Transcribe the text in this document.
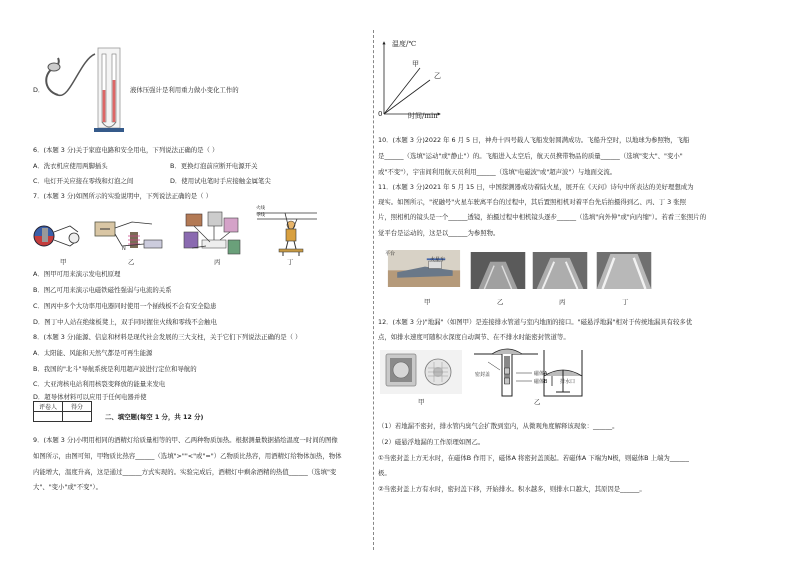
D．	液体压强计是利用重力做小变化工作的
6．(本题 3 分)关于家庭电路和安全用电，下列说法正确的是（ ）
A．洗衣机应使用两脚插头	B．更换灯泡前应断开电源开关
C．电灯开关应接在零线和灯泡之间	D．使用试电笔时手应接触金属笔尖
7．(本题 3 分)如图所示的实验说明中，下列说法正确的是（ ）
N
火线
零线
甲	乙	丙	丁
A．图甲可用来演示发电机原理
B．图乙可用来演示电磁铁磁性强弱与电流的关系
C．图丙中多个大功率用电器同时使用一个插线板不会有安全隐患
D．图丁中人站在绝缘板凳上，双手同时握住火线和零线不会触电
8．(本题 3 分)能源、信息和材料是现代社会发展的三大支柱，关于它们下列说法正确的是（ ）
A．太阳能、风能和天然气都是可再生能源
B．我国的"北斗"导航系统是利用超声波进行定位和导航的
C．大亚湾核电站利用核裂变释放的能量来发电
D．超导体材料可以应用于任何电器并使
评卷人	得分

二、填空题(每空 1 分，共 12 分)
9．(本题 3 分)小明用相同的酒精灯给质量相等的甲、乙两种物质加热。根据测量数据描绘温度一时间的图像
如图所示，由图可知，甲物质比热容______（选填">""<"或"="）乙物质比热容，用酒精灯给物体加热，物体
内能增大，温度升高，这是通过______方式实现的。实验完成后，酒精灯中剩余酒精的热值______（选填"变
大"、"变小"或"不变"）。
温度/℃
时间/min
0
甲
乙
10．(本题 3 分)2022 年 6 月 5 日，神舟十四号载人飞船发射圆满成功。飞船升空时，以地球为参照物，飞船
是______（选填"运动"或"静止"）的。飞船进入太空后，航天员携带物品的质量______（选填"变大"、"变小"
或"不变"），宇宙间利用航天员利用______（选填"电磁波"或"超声波"）与地面交流。
11．(本题 3 分)2021 年 5 月 15 日，中国探测器成功着陆火星，展开在《天问》诗句中所表达的美好理想成为
现实。如图所示，"祝融号"火星车驶离平台的过程中，其后置照相机对着平台先后拍摄得到乙、丙、丁 3 张照
片，照相机的镜头是一个______透镜，拍摄过程中相机镜头逐步______（选填"向外伸"或"向内缩"）。若看三张照片的
觉平台是运动的，这是以______为参照物。
平台
火星车
甲	乙	丙	丁
12．(本题 3 分)"地漏"（如图甲）是连接排水管道与室内地面的接口。"磁悬浮地漏"相对于传统地漏具有较多优
点，如排水速度可随积水深度自动调节、在不排水时能密封管道等。
甲
密封盖	磁体A
磁体B	排水口
乙
（1）若地漏不密封，排水管内臭气会扩散到室内，从微观角度解释该现象：______。
（2）磁悬浮地漏的工作原理如图乙。
①当密封盖上方无水时，在磁体B 作用下，磁体A 将密封盖顶起。若磁体A 下端为N极，则磁体B 上端为______
极。
②当密封盖上方有水时，密封盖下移，开始排水。积水越多，则排水口越大，其原因是______。
